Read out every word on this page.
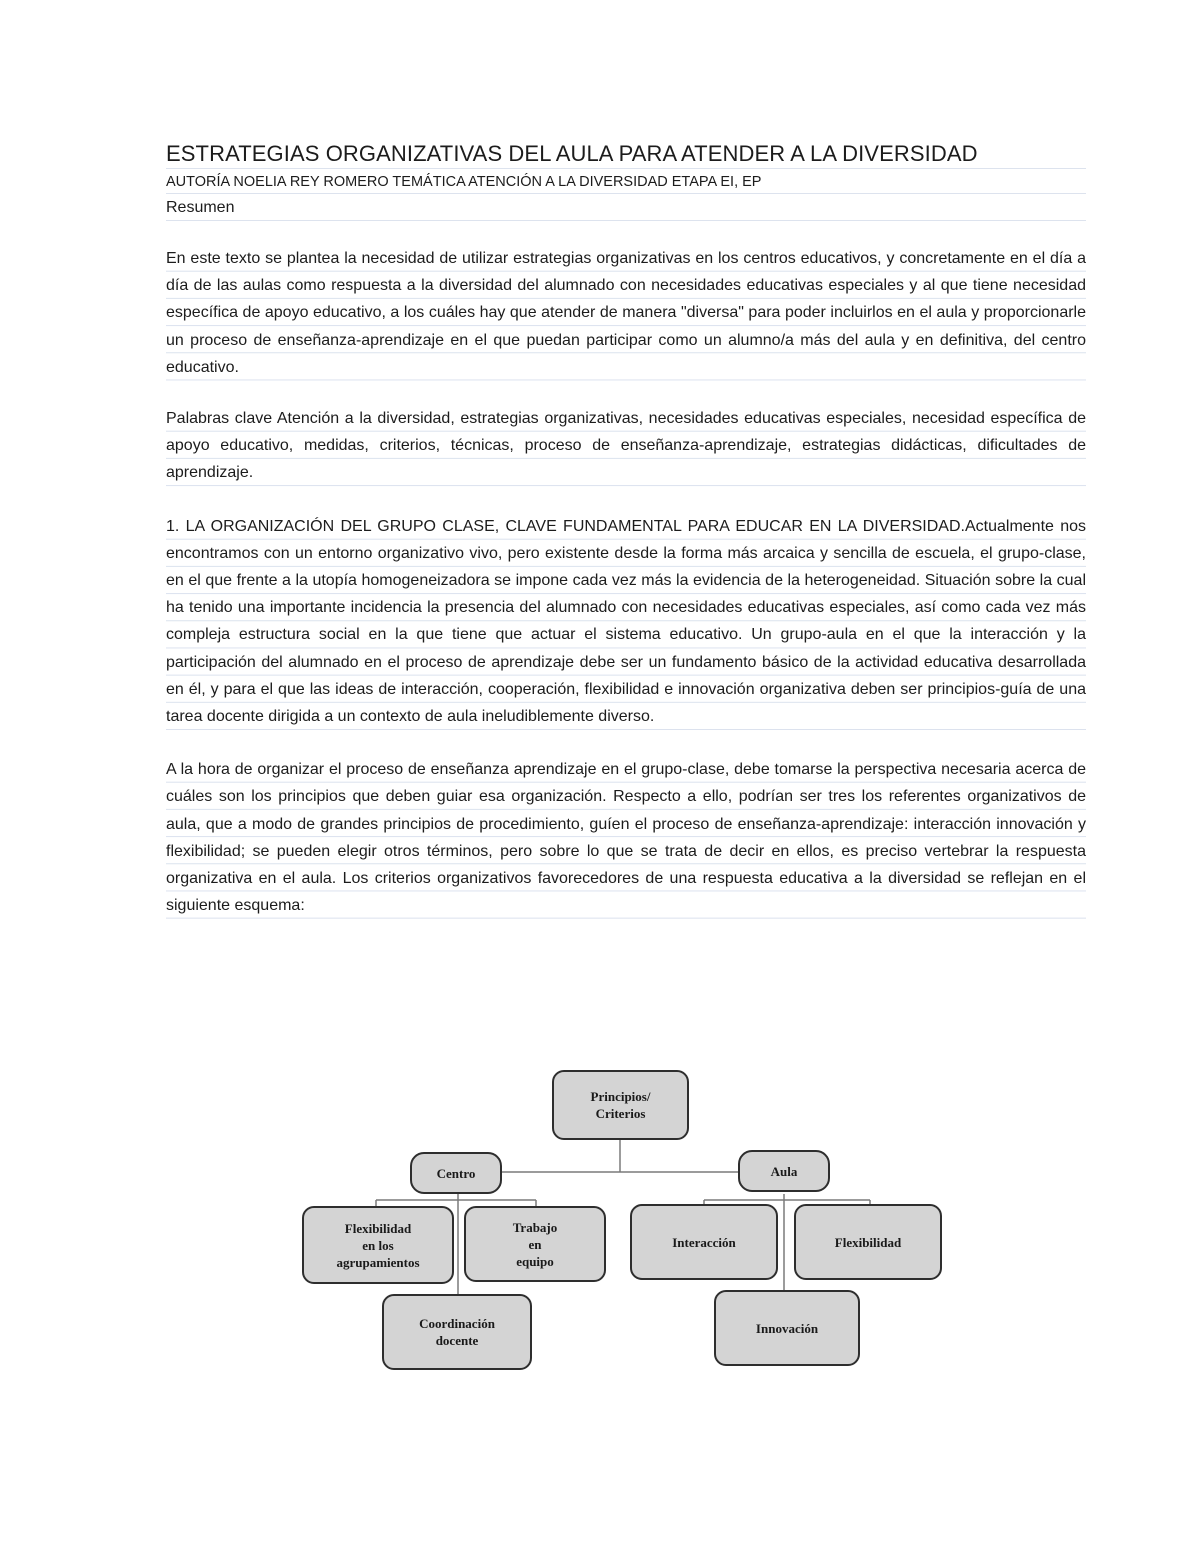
ESTRATEGIAS ORGANIZATIVAS DEL AULA PARA ATENDER A LA DIVERSIDAD
AUTORÍA NOELIA REY ROMERO TEMÁTICA ATENCIÓN A LA DIVERSIDAD ETAPA EI, EP
Resumen

En este texto se plantea la necesidad de utilizar estrategias organizativas en los centros educativos, y concretamente en el día a día de las aulas como respuesta a la diversidad del alumnado con necesidades educativas especiales y al que tiene necesidad específica de apoyo educativo, a los cuáles hay que atender de manera "diversa" para poder incluirlos en el aula y proporcionarle un proceso de enseñanza-aprendizaje en el que puedan participar como un alumno/a más del aula y en definitiva, del centro educativo.

Palabras clave Atención a la diversidad, estrategias organizativas, necesidades educativas especiales, necesidad específica de apoyo educativo, medidas, criterios, técnicas, proceso de enseñanza-aprendizaje, estrategias didácticas, dificultades de aprendizaje.

1. LA ORGANIZACIÓN DEL GRUPO CLASE, CLAVE FUNDAMENTAL PARA EDUCAR EN LA DIVERSIDAD.Actualmente nos encontramos con un entorno organizativo vivo, pero existente desde la forma más arcaica y sencilla de escuela, el grupo-clase, en el que frente a la utopía homogeneizadora se impone cada vez más la evidencia de la heterogeneidad. Situación sobre la cual ha tenido una importante incidencia la presencia del alumnado con necesidades educativas especiales, así como cada vez más compleja estructura social en la que tiene que actuar el sistema educativo. Un grupo-aula en el que la interacción y la participación del alumnado en el proceso de aprendizaje debe ser un fundamento básico de la actividad educativa desarrollada en él, y para el que las ideas de interacción, cooperación, flexibilidad e innovación organizativa deben ser principios-guía de una tarea docente dirigida a un contexto de aula ineludiblemente diverso.

A la hora de organizar el proceso de enseñanza aprendizaje en el grupo-clase, debe tomarse la perspectiva necesaria acerca de cuáles son los principios que deben guiar esa organización. Respecto a ello, podrían ser tres los referentes organizativos de aula, que a modo de grandes principios de procedimiento, guíen el proceso de enseñanza-aprendizaje: interacción innovación y flexibilidad; se pueden elegir otros términos, pero sobre lo que se trata de decir en ellos, es preciso vertebrar la respuesta organizativa en el aula. Los criterios organizativos favorecedores de una respuesta educativa a la diversidad se reflejan en el siguiente esquema:

Principios/
Criterios
Centro	Aula
Flexibilidad
en los
agrupamientos
Trabajo
en
equipo
Coordinación
docente
Interacción	Flexibilidad
Innovación
